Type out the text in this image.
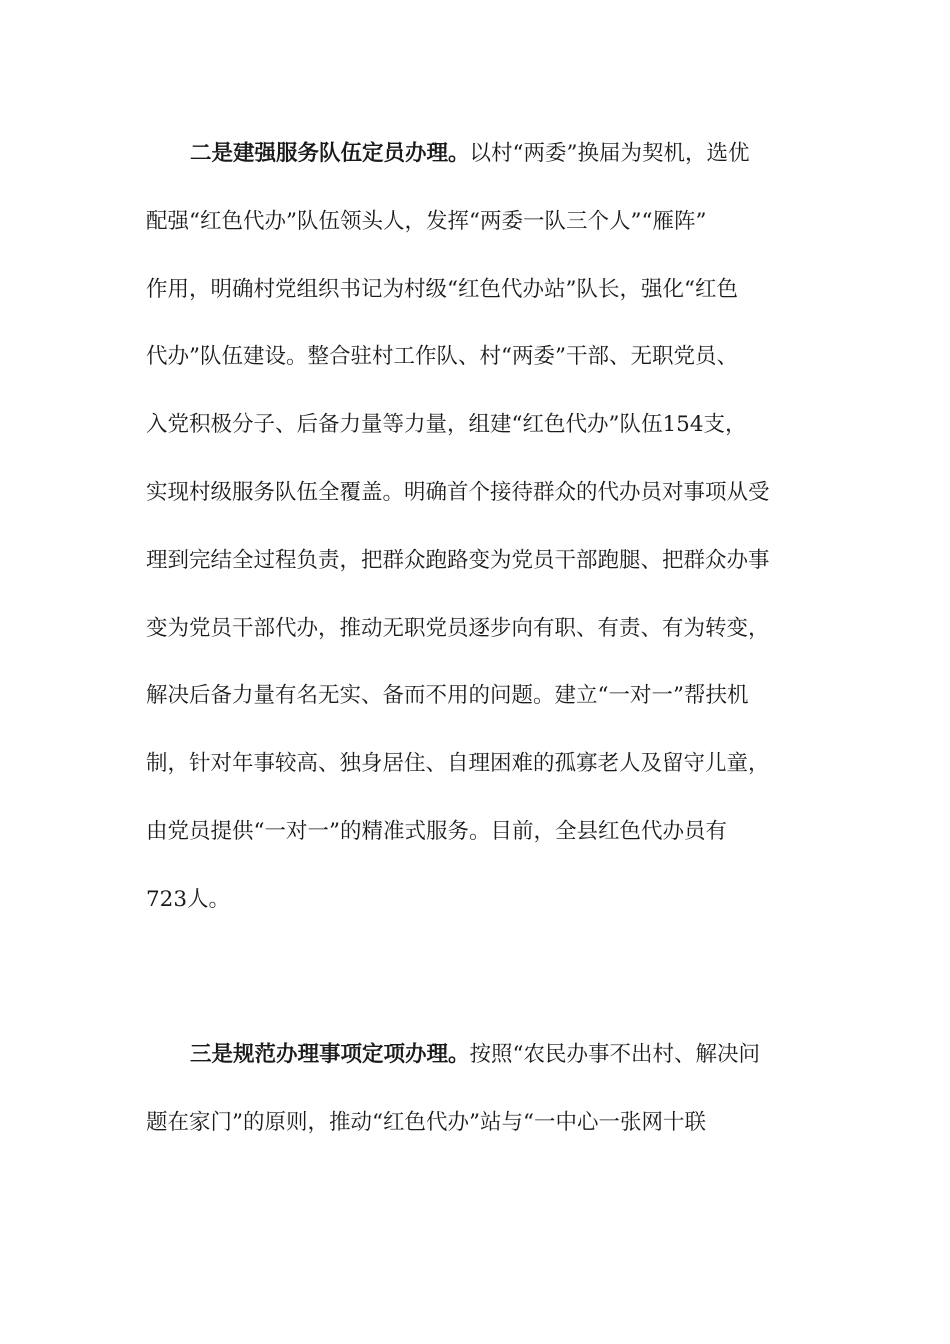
二是建强服务队伍定员办理。以村“两委”换届为契机，选优
配强“红色代办”队伍领头人，发挥“两委一队三个人”“雁阵”
作用，明确村党组织书记为村级“红色代办站”队长，强化“红色
代办”队伍建设。整合驻村工作队、村“两委”干部、无职党员、
入党积极分子、后备力量等力量，组建“红色代办”队伍154支，
实现村级服务队伍全覆盖。明确首个接待群众的代办员对事项从受
理到完结全过程负责，把群众跑路变为党员干部跑腿、把群众办事
变为党员干部代办，推动无职党员逐步向有职、有责、有为转变，
解决后备力量有名无实、备而不用的问题。建立“一对一”帮扶机
制，针对年事较高、独身居住、自理困难的孤寡老人及留守儿童，
由党员提供“一对一”的精准式服务。目前，全县红色代办员有
723人。
三是规范办理事项定项办理。按照“农民办事不出村、解决问
题在家门”的原则，推动“红色代办”站与“一中心一张网十联
